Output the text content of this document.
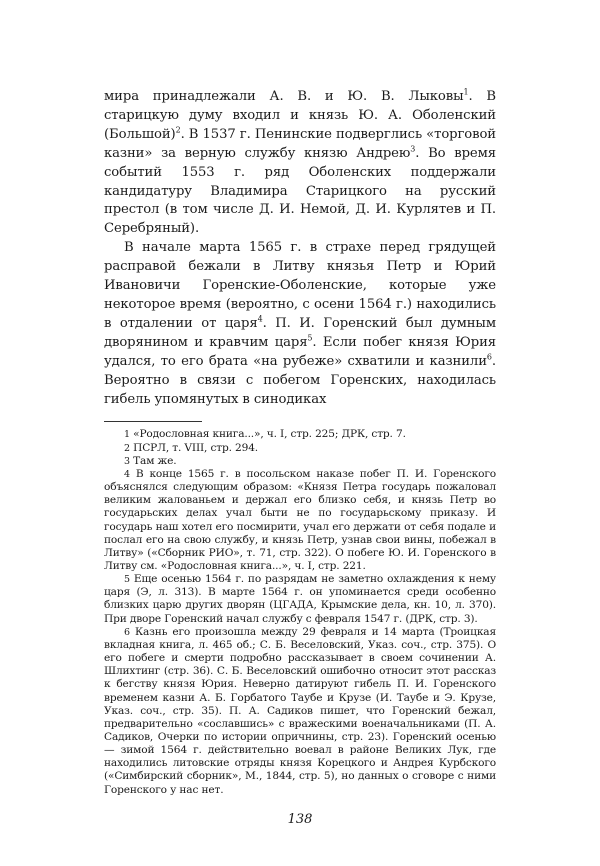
мира принадлежали А. В. и Ю. В. Лыковы$^1$. В старицкую думу входил и князь Ю. А. Оболенский (Большой)$^2$. В 1537 г. Пенинские подверглись «торговой казни» за верную службу князю Андрею$^3$. Во время событий 1553 г. ряд Оболенских поддержали кандидатуру Владимира Старицкого на русский престол (в том числе Д. И. Немой, Д. И. Курлятев и П. Серебряный).

В начале марта 1565 г. в страхе перед грядущей расправой бежали в Литву князья Петр и Юрий Ивановичи Горенские-Оболенские, которые уже некоторое время (вероятно, с осени 1564 г.) находились в отдалении от царя$^4$. П. И. Горенский был думным дворянином и кравчим царя$^5$. Если побег князя Юрия удался, то его брата «на рубеже» схватили и казнили$^6$. Вероятно в связи с побегом Горенских, находилась гибель упомянутых в синодиках

1 «Родословная книга...», ч. I, стр. 225; ДРК, стр. 7.

2 ПСРЛ, т. VIII, стр. 294.

3 Там же.

4 В конце 1565 г. в посольском наказе побег П. И. Горенского объяснялся следующим образом: «Князя Петра государь пожаловал великим жалованьем и держал его близко себя, и князь Петр во государьских делах учал быти не по государьскому приказу. И государь наш хотел его посмирити, учал его держати от себя подале и послал его на свою службу, и князь Петр, узнав свои вины, побежал в Литву» («Сборник РИО», т. 71, стр. 322). О побеге Ю. И. Горенского в Литву см. «Родословная книга...», ч. I, стр. 221.

5 Еще осенью 1564 г. по разрядам не заметно охлаждения к нему царя (Э, л. 313). В марте 1564 г. он упоминается среди особенно близких царю других дворян (ЦГАДА, Крымские дела, кн. 10, л. 370). При дворе Горенский начал службу с февраля 1547 г. (ДРК, стр. 3).

6 Казнь его произошла между 29 февраля и 14 марта (Троицкая вкладная книга, л. 465 об.; С. Б. Веселовский, Указ. соч., стр. 375). О его побеге и смерти подробно рассказывает в своем сочинении А. Шлихтинг (стр. 36). С. Б. Веселовский ошибочно относит этот рассказ к бегству князя Юрия. Неверно датируют гибель П. И. Горенского временем казни А. Б. Горбатого Таубе и Крузе (И. Таубе и Э. Крузе, Указ. соч., стр. 35). П. А. Садиков пишет, что Горенский бежал, предварительно «сославшись» с вражескими военачальниками (П. А. Садиков, Очерки по истории опричнины, стр. 23). Горенский осенью — зимой 1564 г. действительно воевал в районе Великих Лук, где находились литовские отряды князя Корецкого и Андрея Курбского («Симбирский сборник», М., 1844, стр. 5), но данных о сговоре с ними Горенского у нас нет.

138
